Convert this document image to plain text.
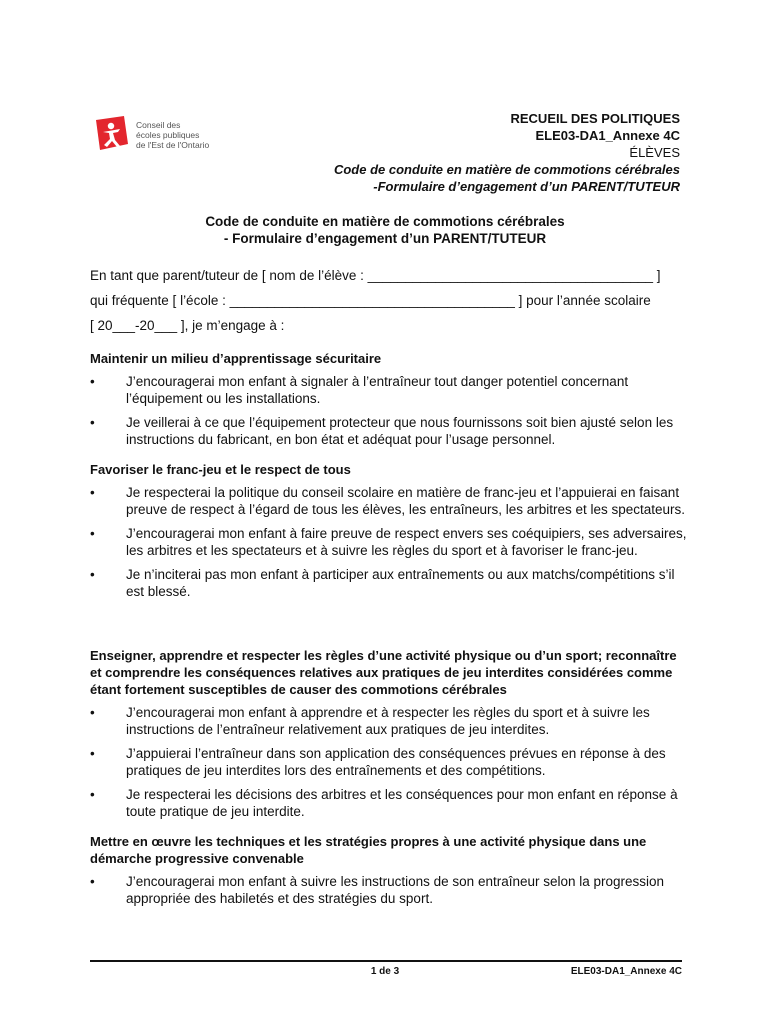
Conseil des
écoles publiques
de l'Est de l'Ontario
RECUEIL DES POLITIQUES
ELE03-DA1_Annexe 4C
ÉLÈVES
Code de conduite en matière de commotions cérébrales
-Formulaire d’engagement d’un PARENT/TUTEUR
Code de conduite en matière de commotions cérébrales
- Formulaire d’engagement d’un PARENT/TUTEUR
En tant que parent/tuteur de [ nom de l’élève : ______________________________________ ]
qui fréquente [ l’école : ______________________________________ ] pour l’année scolaire
[ 20___-20___ ], je m’engage à :
Maintenir un milieu d’apprentissage sécuritaire
• J’encouragerai mon enfant à signaler à l’entraîneur tout danger potentiel concernant l’équipement ou les installations.
• Je veillerai à ce que l’équipement protecteur que nous fournissons soit bien ajusté selon les instructions du fabricant, en bon état et adéquat pour l’usage personnel.
Favoriser le franc-jeu et le respect de tous
• Je respecterai la politique du conseil scolaire en matière de franc-jeu et l’appuierai en faisant preuve de respect à l’égard de tous les élèves, les entraîneurs, les arbitres et les spectateurs.
• J’encouragerai mon enfant à faire preuve de respect envers ses coéquipiers, ses adversaires, les arbitres et les spectateurs et à suivre les règles du sport et à favoriser le franc-jeu.
• Je n’inciterai pas mon enfant à participer aux entraînements ou aux matchs/compétitions s’il est blessé.
Enseigner, apprendre et respecter les règles d’une activité physique ou d’un sport; reconnaître et comprendre les conséquences relatives aux pratiques de jeu interdites considérées comme étant fortement susceptibles de causer des commotions cérébrales
• J’encouragerai mon enfant à apprendre et à respecter les règles du sport et à suivre les instructions de l’entraîneur relativement aux pratiques de jeu interdites.
• J’appuierai l’entraîneur dans son application des conséquences prévues en réponse à des pratiques de jeu interdites lors des entraînements et des compétitions.
• Je respecterai les décisions des arbitres et les conséquences pour mon enfant en réponse à toute pratique de jeu interdite.
Mettre en œuvre les techniques et les stratégies propres à une activité physique dans une démarche progressive convenable
• J’encouragerai mon enfant à suivre les instructions de son entraîneur selon la progression appropriée des habiletés et des stratégies du sport.
1 de 3	ELE03-DA1_Annexe 4C
